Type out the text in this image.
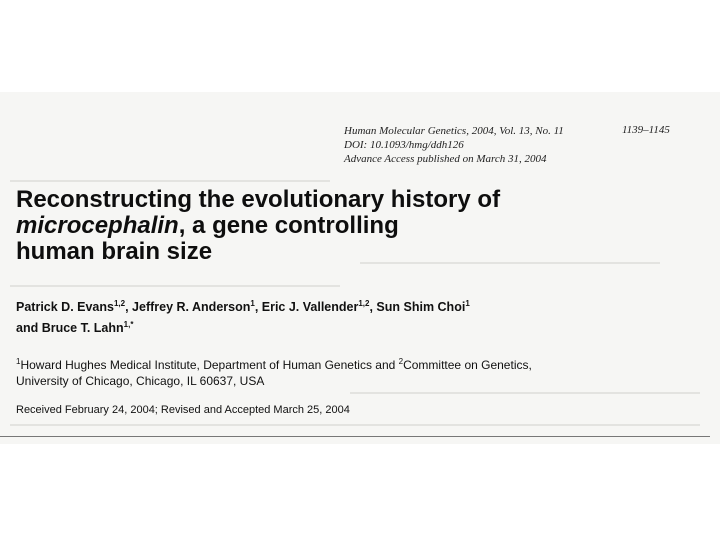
Human Molecular Genetics, 2004, Vol. 13, No. 11
DOI: 10.1093/hmg/ddh126
Advance Access published on March 31, 2004
1139–1145
Reconstructing the evolutionary history of
microcephalin, a gene controlling
human brain size
Patrick D. Evans$^{1,2}$, Jeffrey R. Anderson$^1$, Eric J. Vallender$^{1,2}$, Sun Shim Choi$^1$
and Bruce T. Lahn$^{1,*}$
$^1$Howard Hughes Medical Institute, Department of Human Genetics and $^2$Committee on Genetics,
University of Chicago, Chicago, IL 60637, USA
Received February 24, 2004; Revised and Accepted March 25, 2004
